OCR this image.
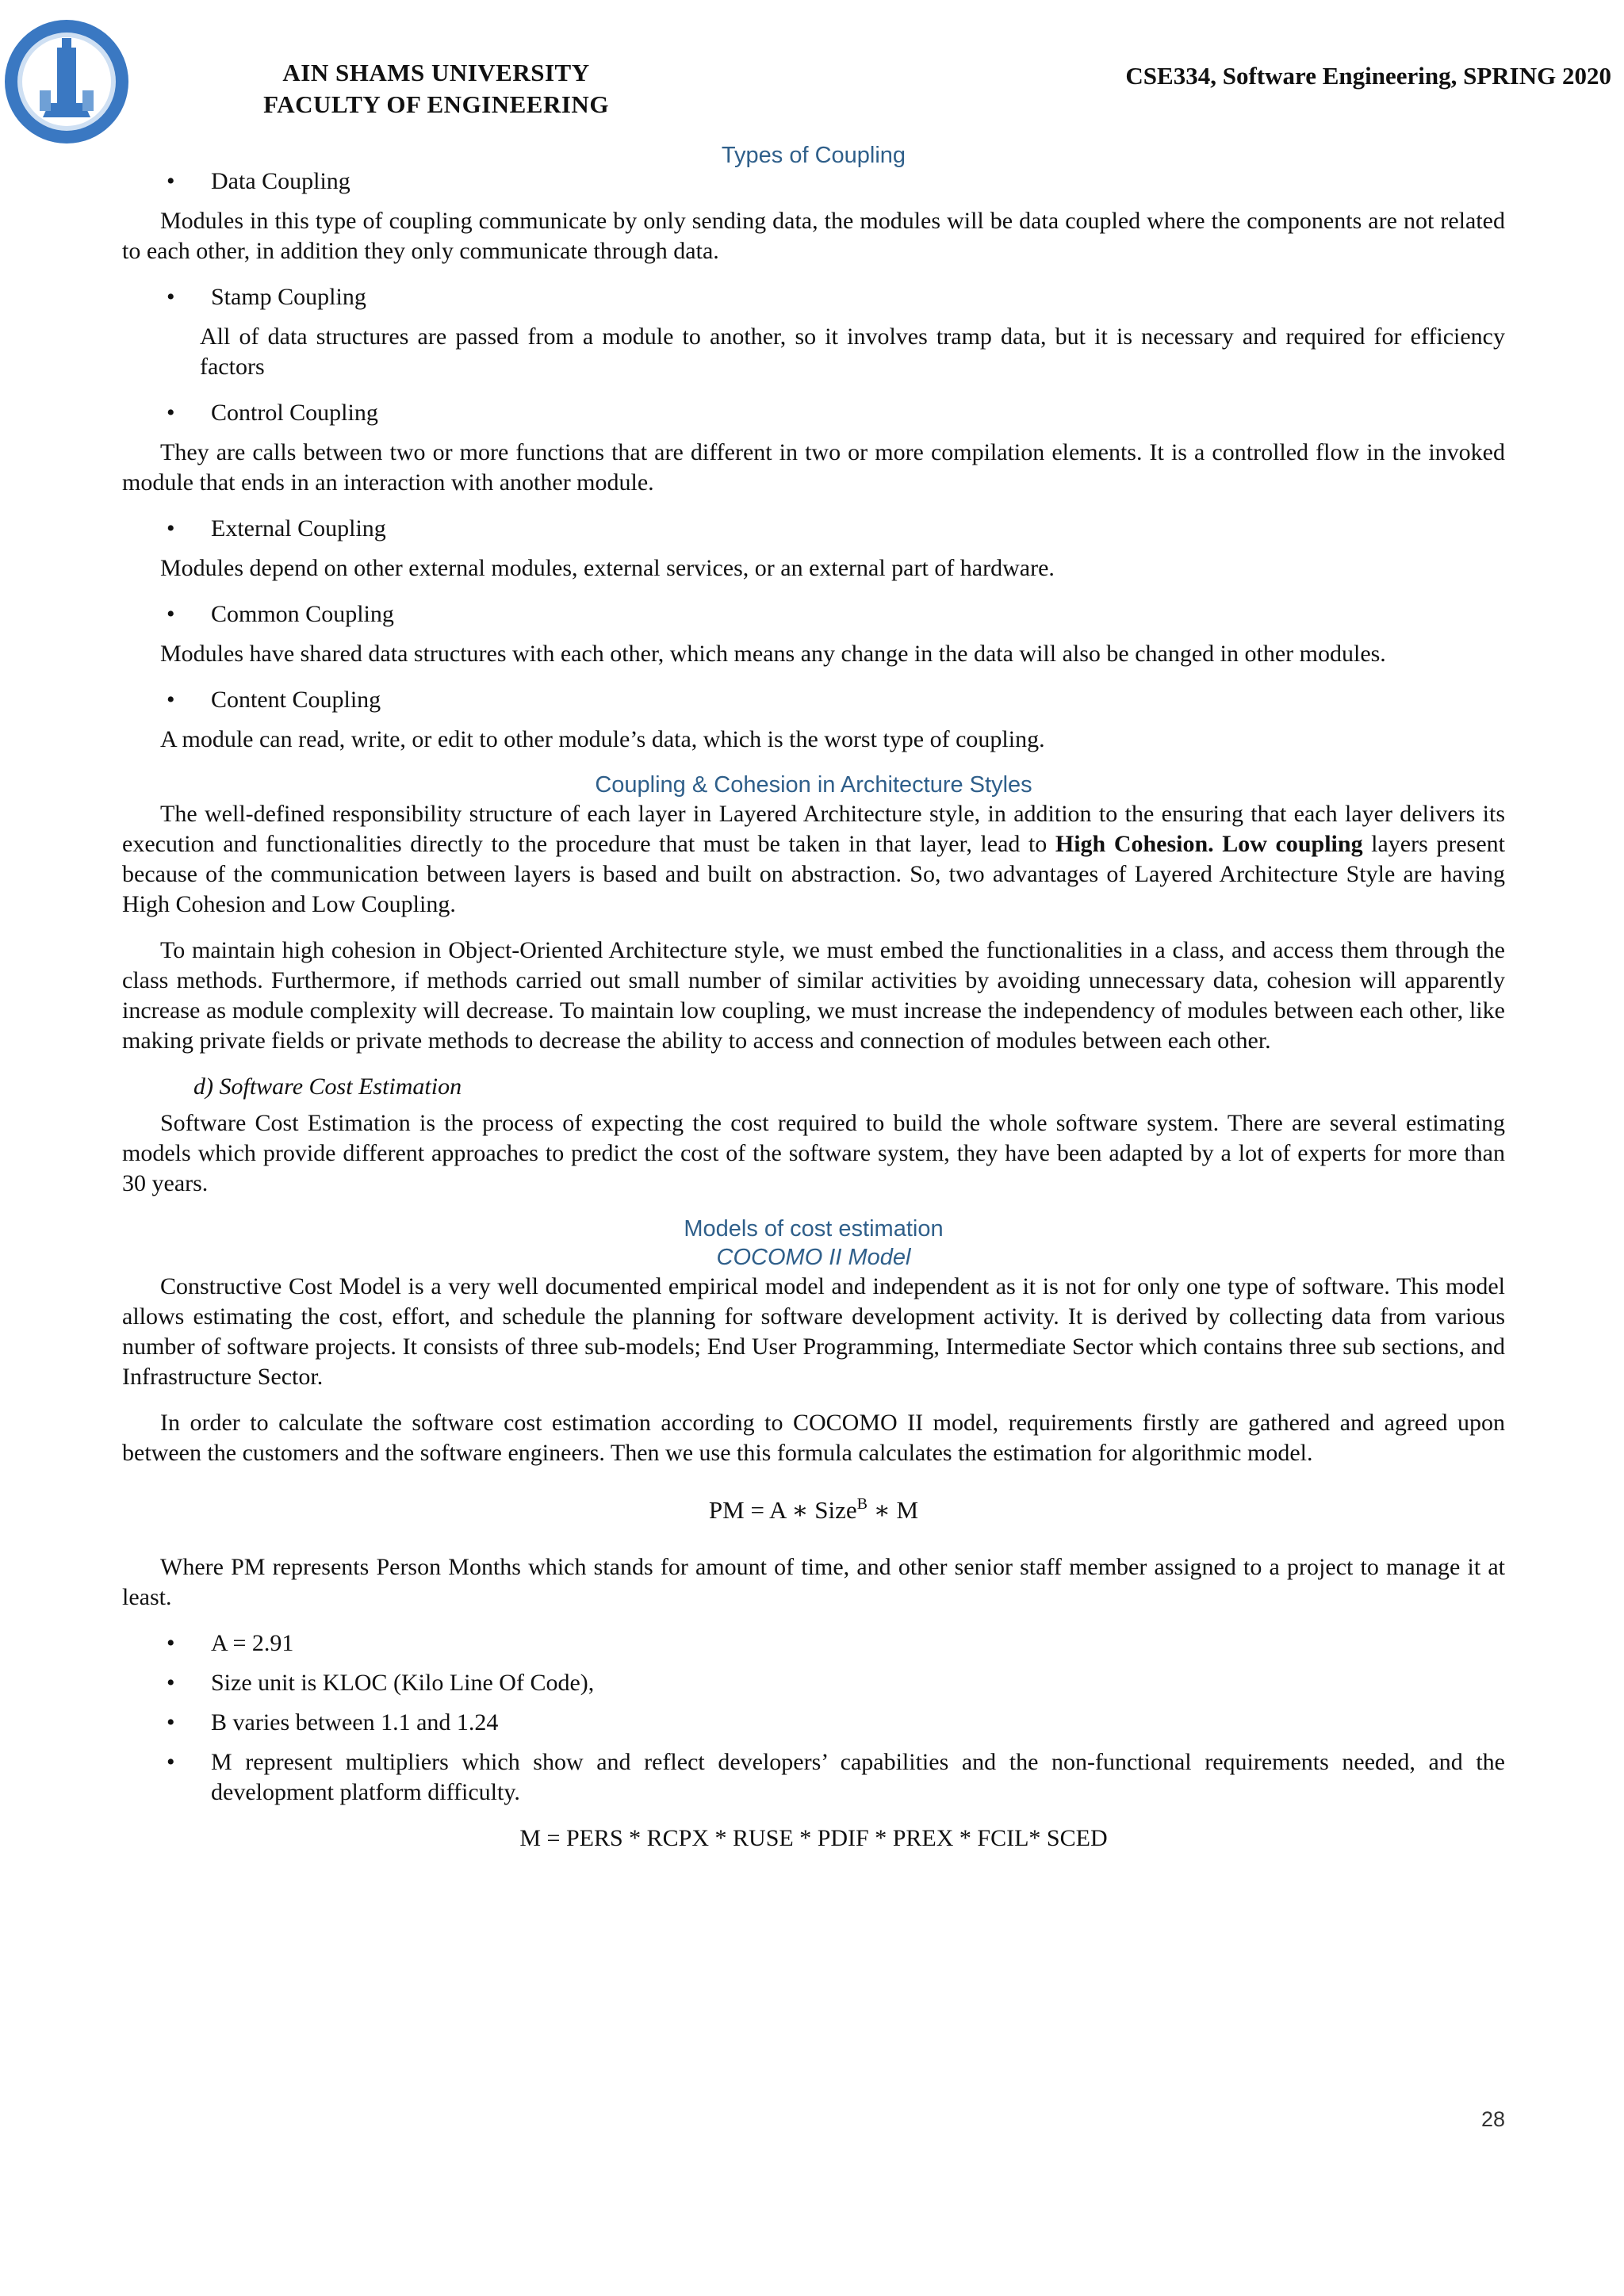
AIN SHAMS UNIVERSITY
FACULTY OF ENGINEERING
CSE334, Software Engineering, SPRING 2020

Types of Coupling

• Data Coupling

Modules in this type of coupling communicate by only sending data, the modules will be data coupled where the components are not related to each other, in addition they only communicate through data.

• Stamp Coupling

All of data structures are passed from a module to another, so it involves tramp data, but it is necessary and required for efficiency factors

• Control Coupling

They are calls between two or more functions that are different in two or more compilation elements. It is a controlled flow in the invoked module that ends in an interaction with another module.

• External Coupling

Modules depend on other external modules, external services, or an external part of hardware.

• Common Coupling

Modules have shared data structures with each other, which means any change in the data will also be changed in other modules.

• Content Coupling

A module can read, write, or edit to other module’s data, which is the worst type of coupling.

Coupling & Cohesion in Architecture Styles

The well-defined responsibility structure of each layer in Layered Architecture style, in addition to the ensuring that each layer delivers its execution and functionalities directly to the procedure that must be taken in that layer, lead to High Cohesion. Low coupling layers present because of the communication between layers is based and built on abstraction. So, two advantages of Layered Architecture Style are having High Cohesion and Low Coupling.

To maintain high cohesion in Object-Oriented Architecture style, we must embed the functionalities in a class, and access them through the class methods. Furthermore, if methods carried out small number of similar activities by avoiding unnecessary data, cohesion will apparently increase as module complexity will decrease. To maintain low coupling, we must increase the independency of modules between each other, like making private fields or private methods to decrease the ability to access and connection of modules between each other.

d) Software Cost Estimation

Software Cost Estimation is the process of expecting the cost required to build the whole software system. There are several estimating models which provide different approaches to predict the cost of the software system, they have been adapted by a lot of experts for more than 30 years.

Models of cost estimation

COCOMO II Model

Constructive Cost Model is a very well documented empirical model and independent as it is not for only one type of software. This model allows estimating the cost, effort, and schedule the planning for software development activity. It is derived by collecting data from various number of software projects. It consists of three sub-models; End User Programming, Intermediate Sector which contains three sub sections, and Infrastructure Sector.

In order to calculate the software cost estimation according to COCOMO II model, requirements firstly are gathered and agreed upon between the customers and the software engineers. Then we use this formula calculates the estimation for algorithmic model.

PM = A ∗ Size$^B$ ∗ M

Where PM represents Person Months which stands for amount of time, and other senior staff member assigned to a project to manage it at least.

• A = 2.91
• Size unit is KLOC (Kilo Line Of Code),
• B varies between 1.1 and 1.24
• M represent multipliers which show and reflect developers’ capabilities and the non-functional requirements needed, and the development platform difficulty.
M = PERS * RCPX * RUSE * PDIF * PREX * FCIL* SCED
28
